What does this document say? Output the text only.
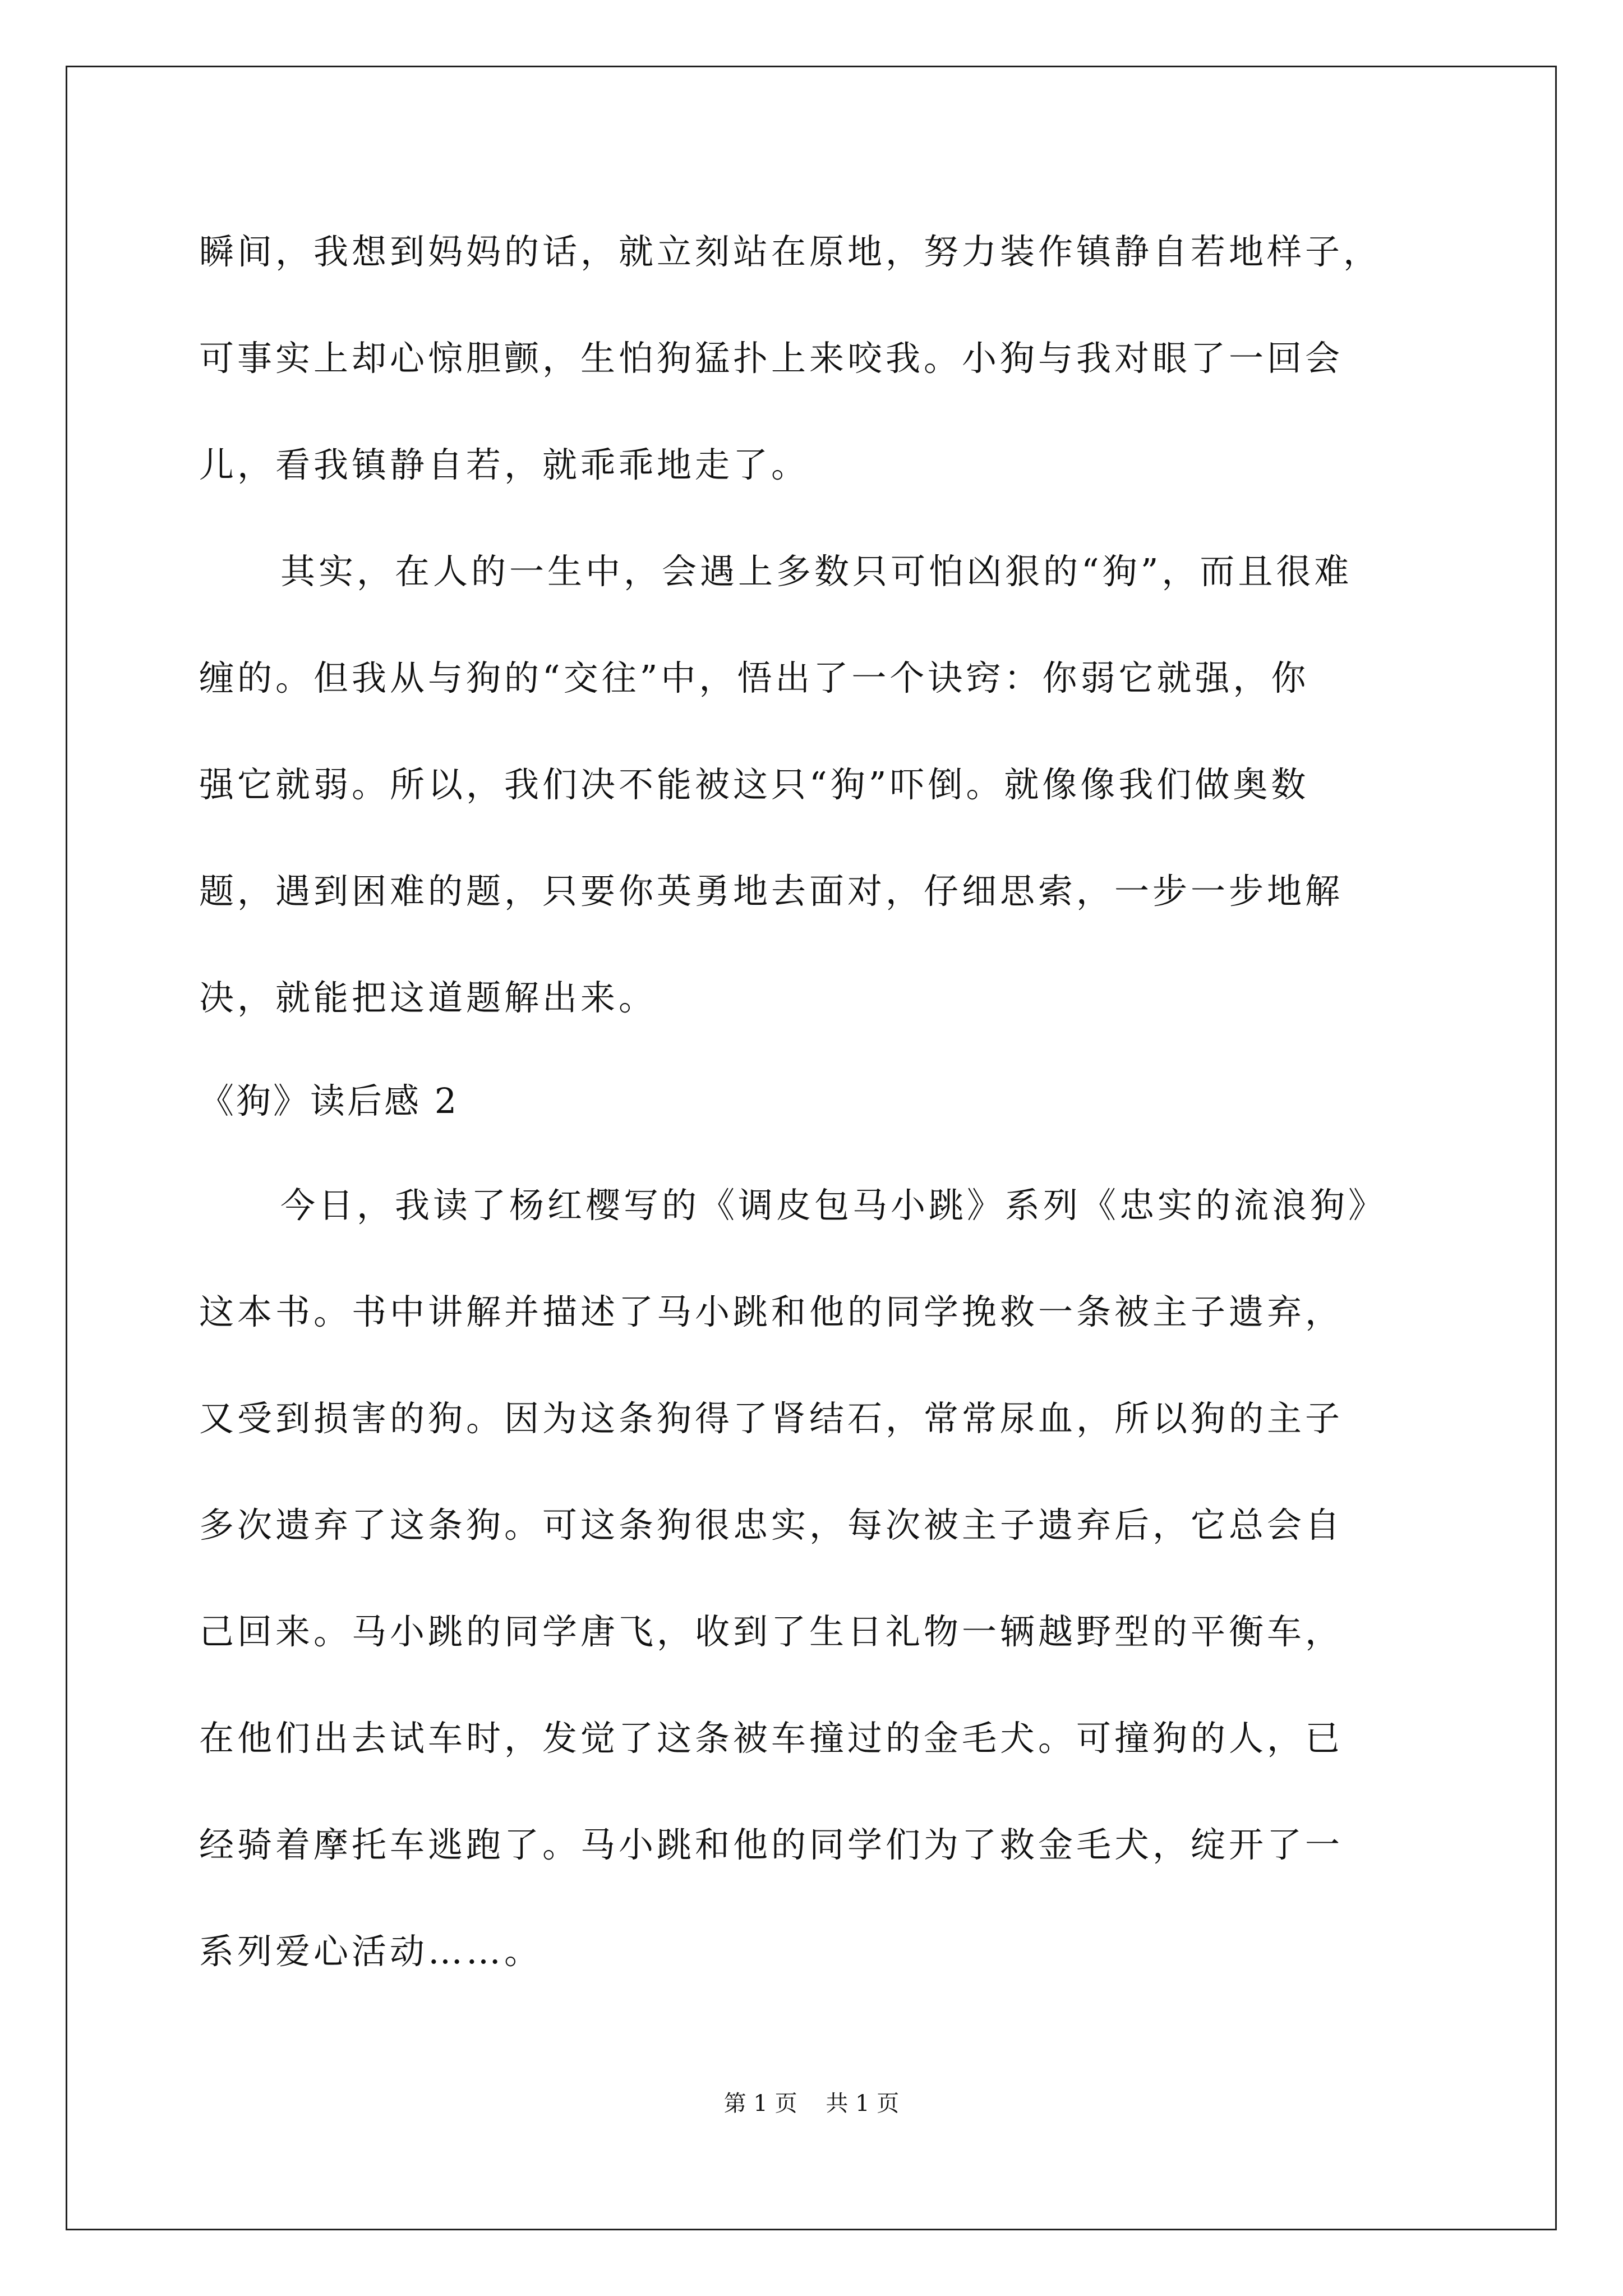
瞬间，我想到妈妈的话，就立刻站在原地，努力装作镇静自若地样子，
可事实上却心惊胆颤，生怕狗猛扑上来咬我。小狗与我对眼了一回会
儿，看我镇静自若，就乖乖地走了。
其实，在人的一生中，会遇上多数只可怕凶狠的“狗”，而且很难
缠的。但我从与狗的“交往”中，悟出了一个诀窍：你弱它就强，你
强它就弱。所以，我们决不能被这只“狗”吓倒。就像像我们做奥数
题，遇到困难的题，只要你英勇地去面对，仔细思索，一步一步地解
决，就能把这道题解出来。
《狗》读后感 2
今日，我读了杨红樱写的《调皮包马小跳》系列《忠实的流浪狗》
这本书。书中讲解并描述了马小跳和他的同学挽救一条被主子遗弃，
又受到损害的狗。因为这条狗得了肾结石，常常尿血，所以狗的主子
多次遗弃了这条狗。可这条狗很忠实，每次被主子遗弃后，它总会自
己回来。马小跳的同学唐飞，收到了生日礼物一辆越野型的平衡车，
在他们出去试车时，发觉了这条被车撞过的金毛犬。可撞狗的人，已
经骑着摩托车逃跑了。马小跳和他的同学们为了救金毛犬，绽开了一
系列爱心活动……。
第 1 页    共 1 页
